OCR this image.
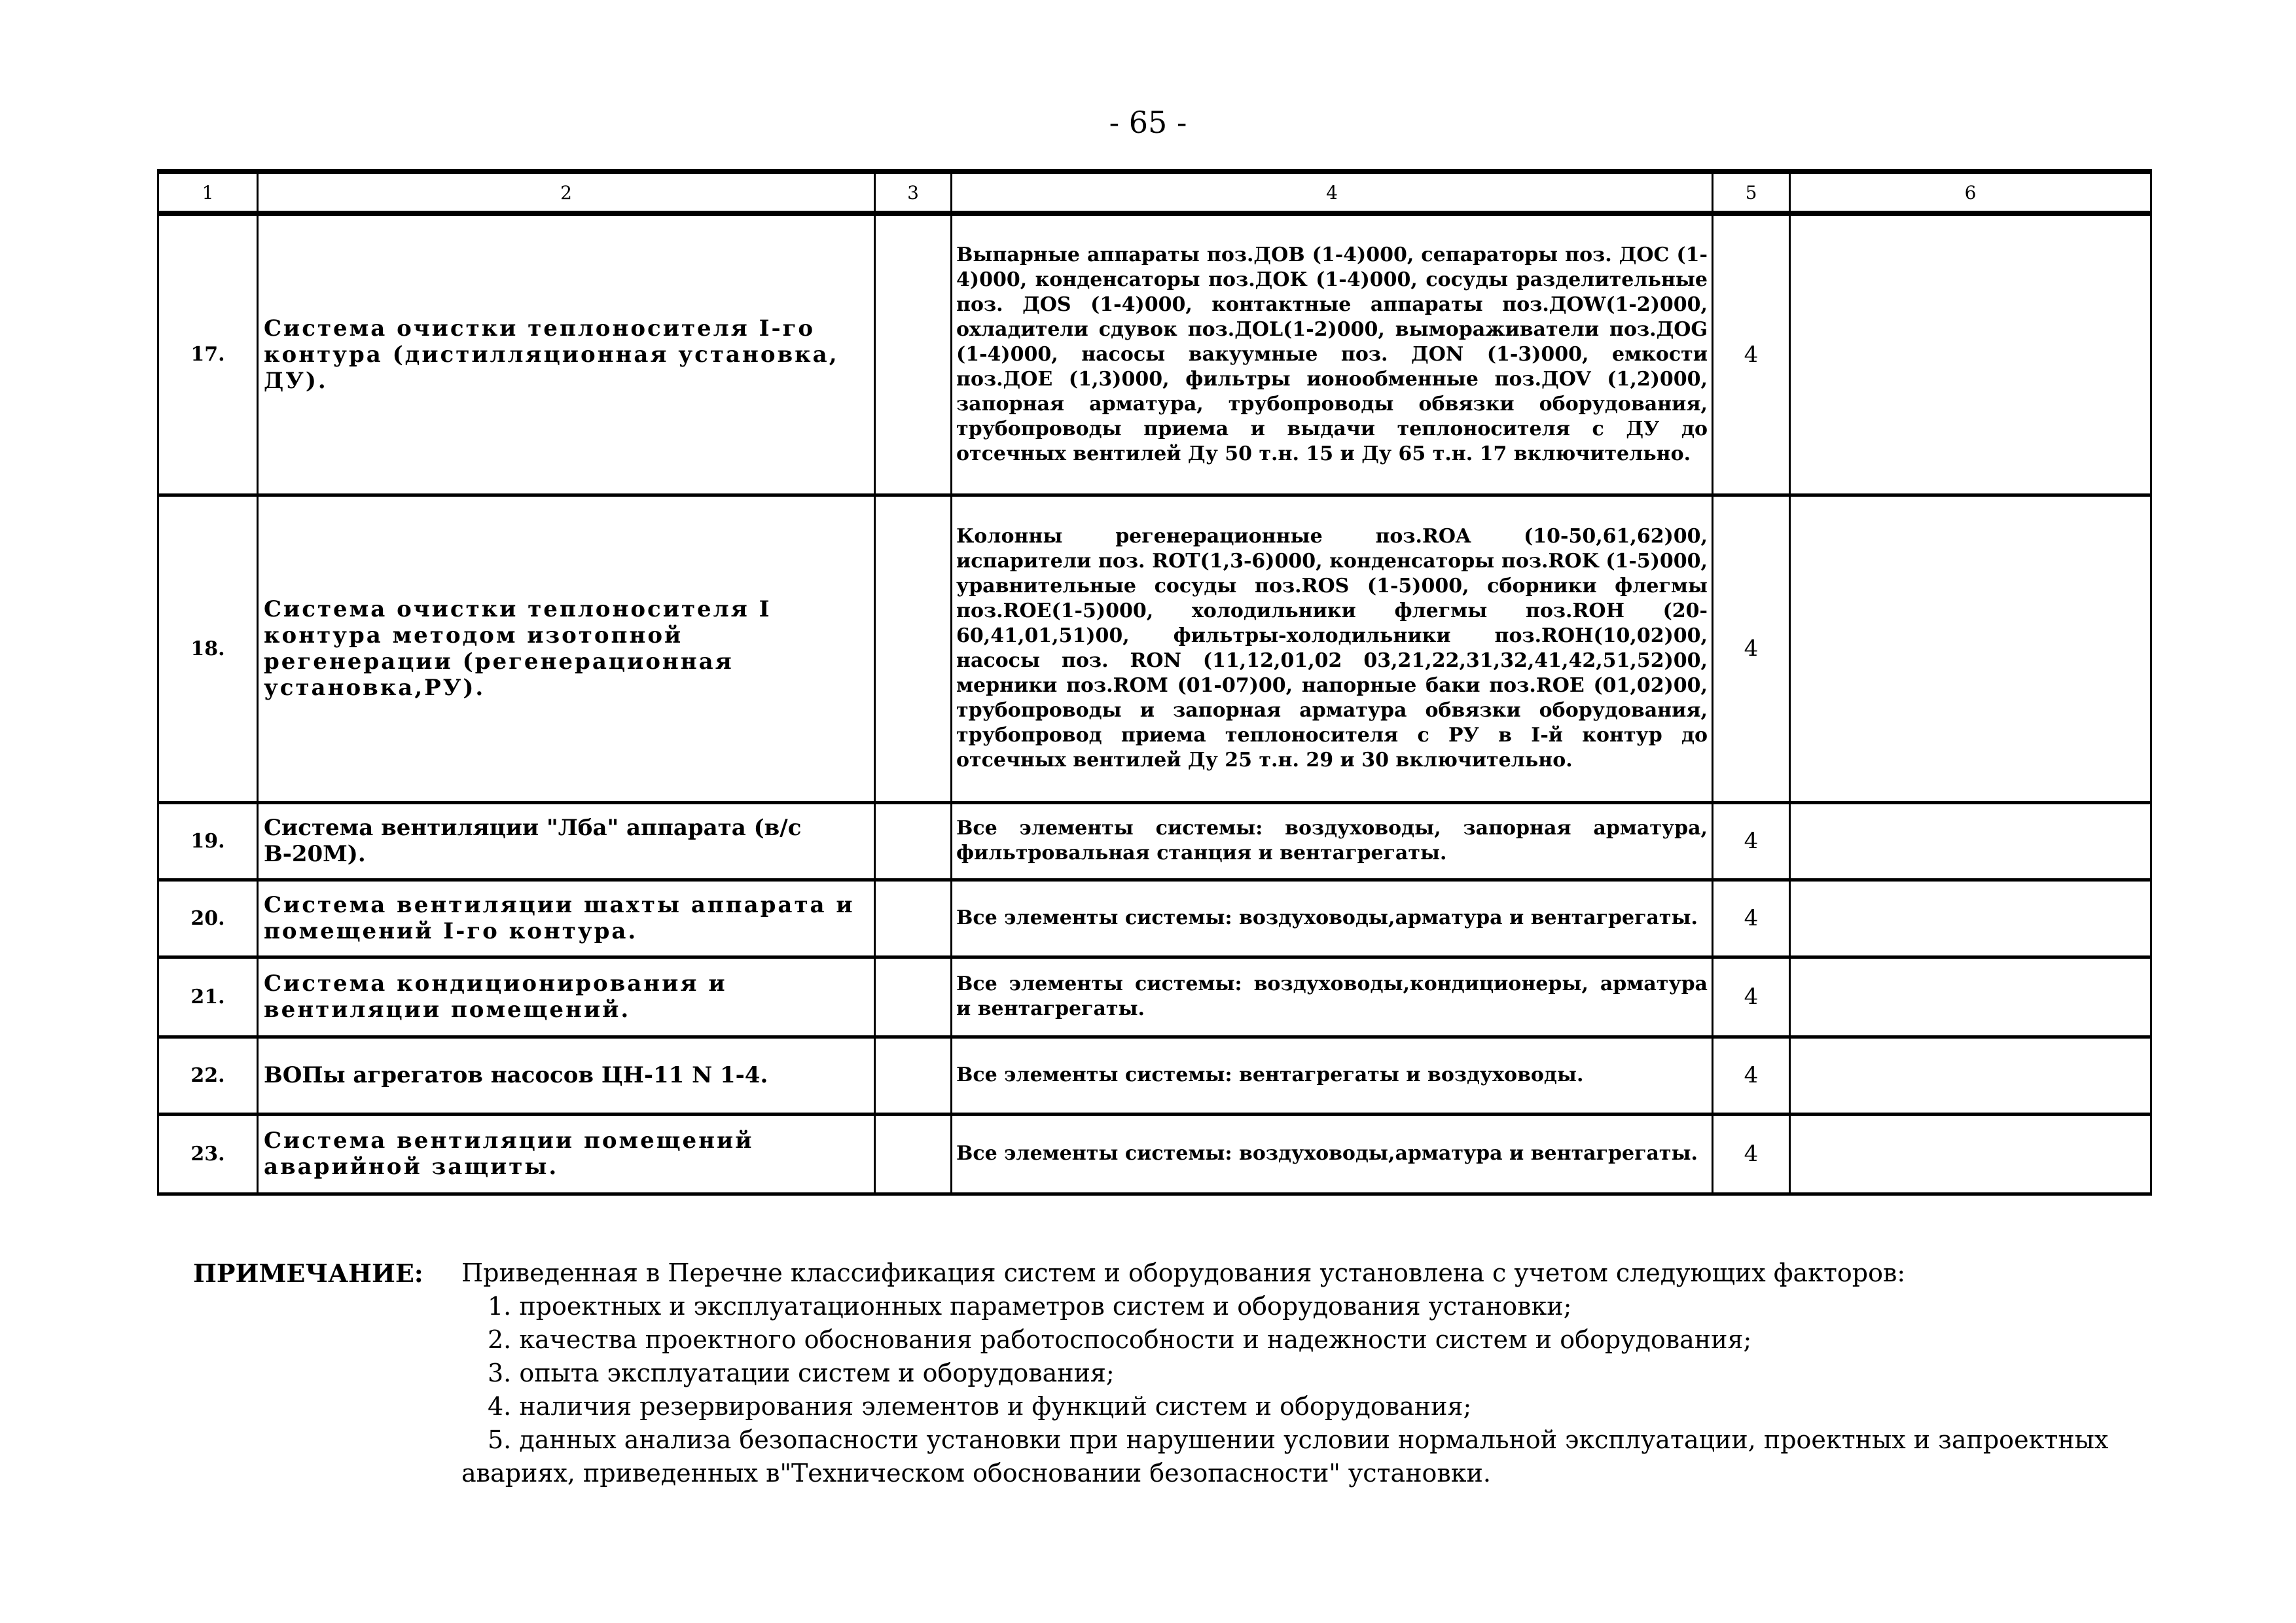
- 65 -
1	2	3	4	5	6
17.	Система очистки теплоносителя I-го контура (дистилляционная установка, ДУ).		Выпарные аппараты поз.ДОВ (1-4)000, сепараторы поз. ДОС (1-4)000, конденсаторы поз.ДОК (1-4)000, сосуды разделительные поз. ДOS (1-4)000, контактные аппараты поз.ДOW(1-2)000, охладители сдувок поз.ДOL(1-2)000, вымораживатели поз.ДOG (1-4)000, насосы вакуумные поз. ДON (1-3)000, емкости поз.ДОЕ (1,3)000, фильтры ионообменные поз.ДOV (1,2)000, запорная арматура, трубопроводы обвязки оборудования, трубопроводы приема и выдачи теплоносителя с ДУ до отсечных вентилей Ду 50 т.н. 15 и Ду 65 т.н. 17 включительно.	4	
18.	Система очистки теплоносителя I контура методом изотопной регенерации (регенерационная установка,РУ).		Колонны регенерационные поз.ROA (10-50,61,62)00, испарители поз. ROT(1,3-6)000, конденсаторы поз.ROK (1-5)000, уравнительные сосуды поз.ROS (1-5)000, сборники флегмы поз.ROE(1-5)000, холодильники флегмы поз.ROH (20-60,41,01,51)00, фильтры-холодильники поз.ROH(10,02)00, насосы поз. RON (11,12,01,02 03,21,22,31,32,41,42,51,52)00, мерники поз.ROM (01-07)00, напорные баки поз.ROE (01,02)00, трубопроводы и запорная арматура обвязки оборудования, трубопровод приема теплоносителя с РУ в I-й контур до отсечных вентилей Ду 25 т.н. 29 и 30 включительно.	4	
19.	Система вентиляции "Лба" аппарата (в/с В-20М).		Все элементы системы: воздуховоды, запорная арматура, фильтровальная станция и вентагрегаты.	4	
20.	Система вентиляции шахты аппарата и помещений I-го контура.		Все элементы системы: воздуховоды,арматура и вентагрегаты.	4	
21.	Система кондиционирования и вентиляции помещений.		Все элементы системы: воздуховоды,кондиционеры, арматура и вентагрегаты.	4	
22.	ВОПы агрегатов насосов ЦН-11 N 1-4.		Все элементы системы: вентагрегаты и воздуховоды.	4	
23.	Система вентиляции помещений аварийной защиты.		Все элементы системы: воздуховоды,арматура и вентагрегаты.	4	
ПРИМЕЧАНИЕ: Приведенная в Перечне классификация систем и оборудования установлена с учетом следующих факторов:
1. проектных и эксплуатационных параметров систем и оборудования установки;
2. качества проектного обоснования работоспособности и надежности систем и оборудования;
3. опыта эксплуатации систем и оборудования;
4. наличия резервирования элементов и функций систем и оборудования;
5. данных анализа безопасности установки при нарушении условии нормальной эксплуатации, проектных и запроектных авариях, приведенных в"Техническом обосновании безопасности" установки.
